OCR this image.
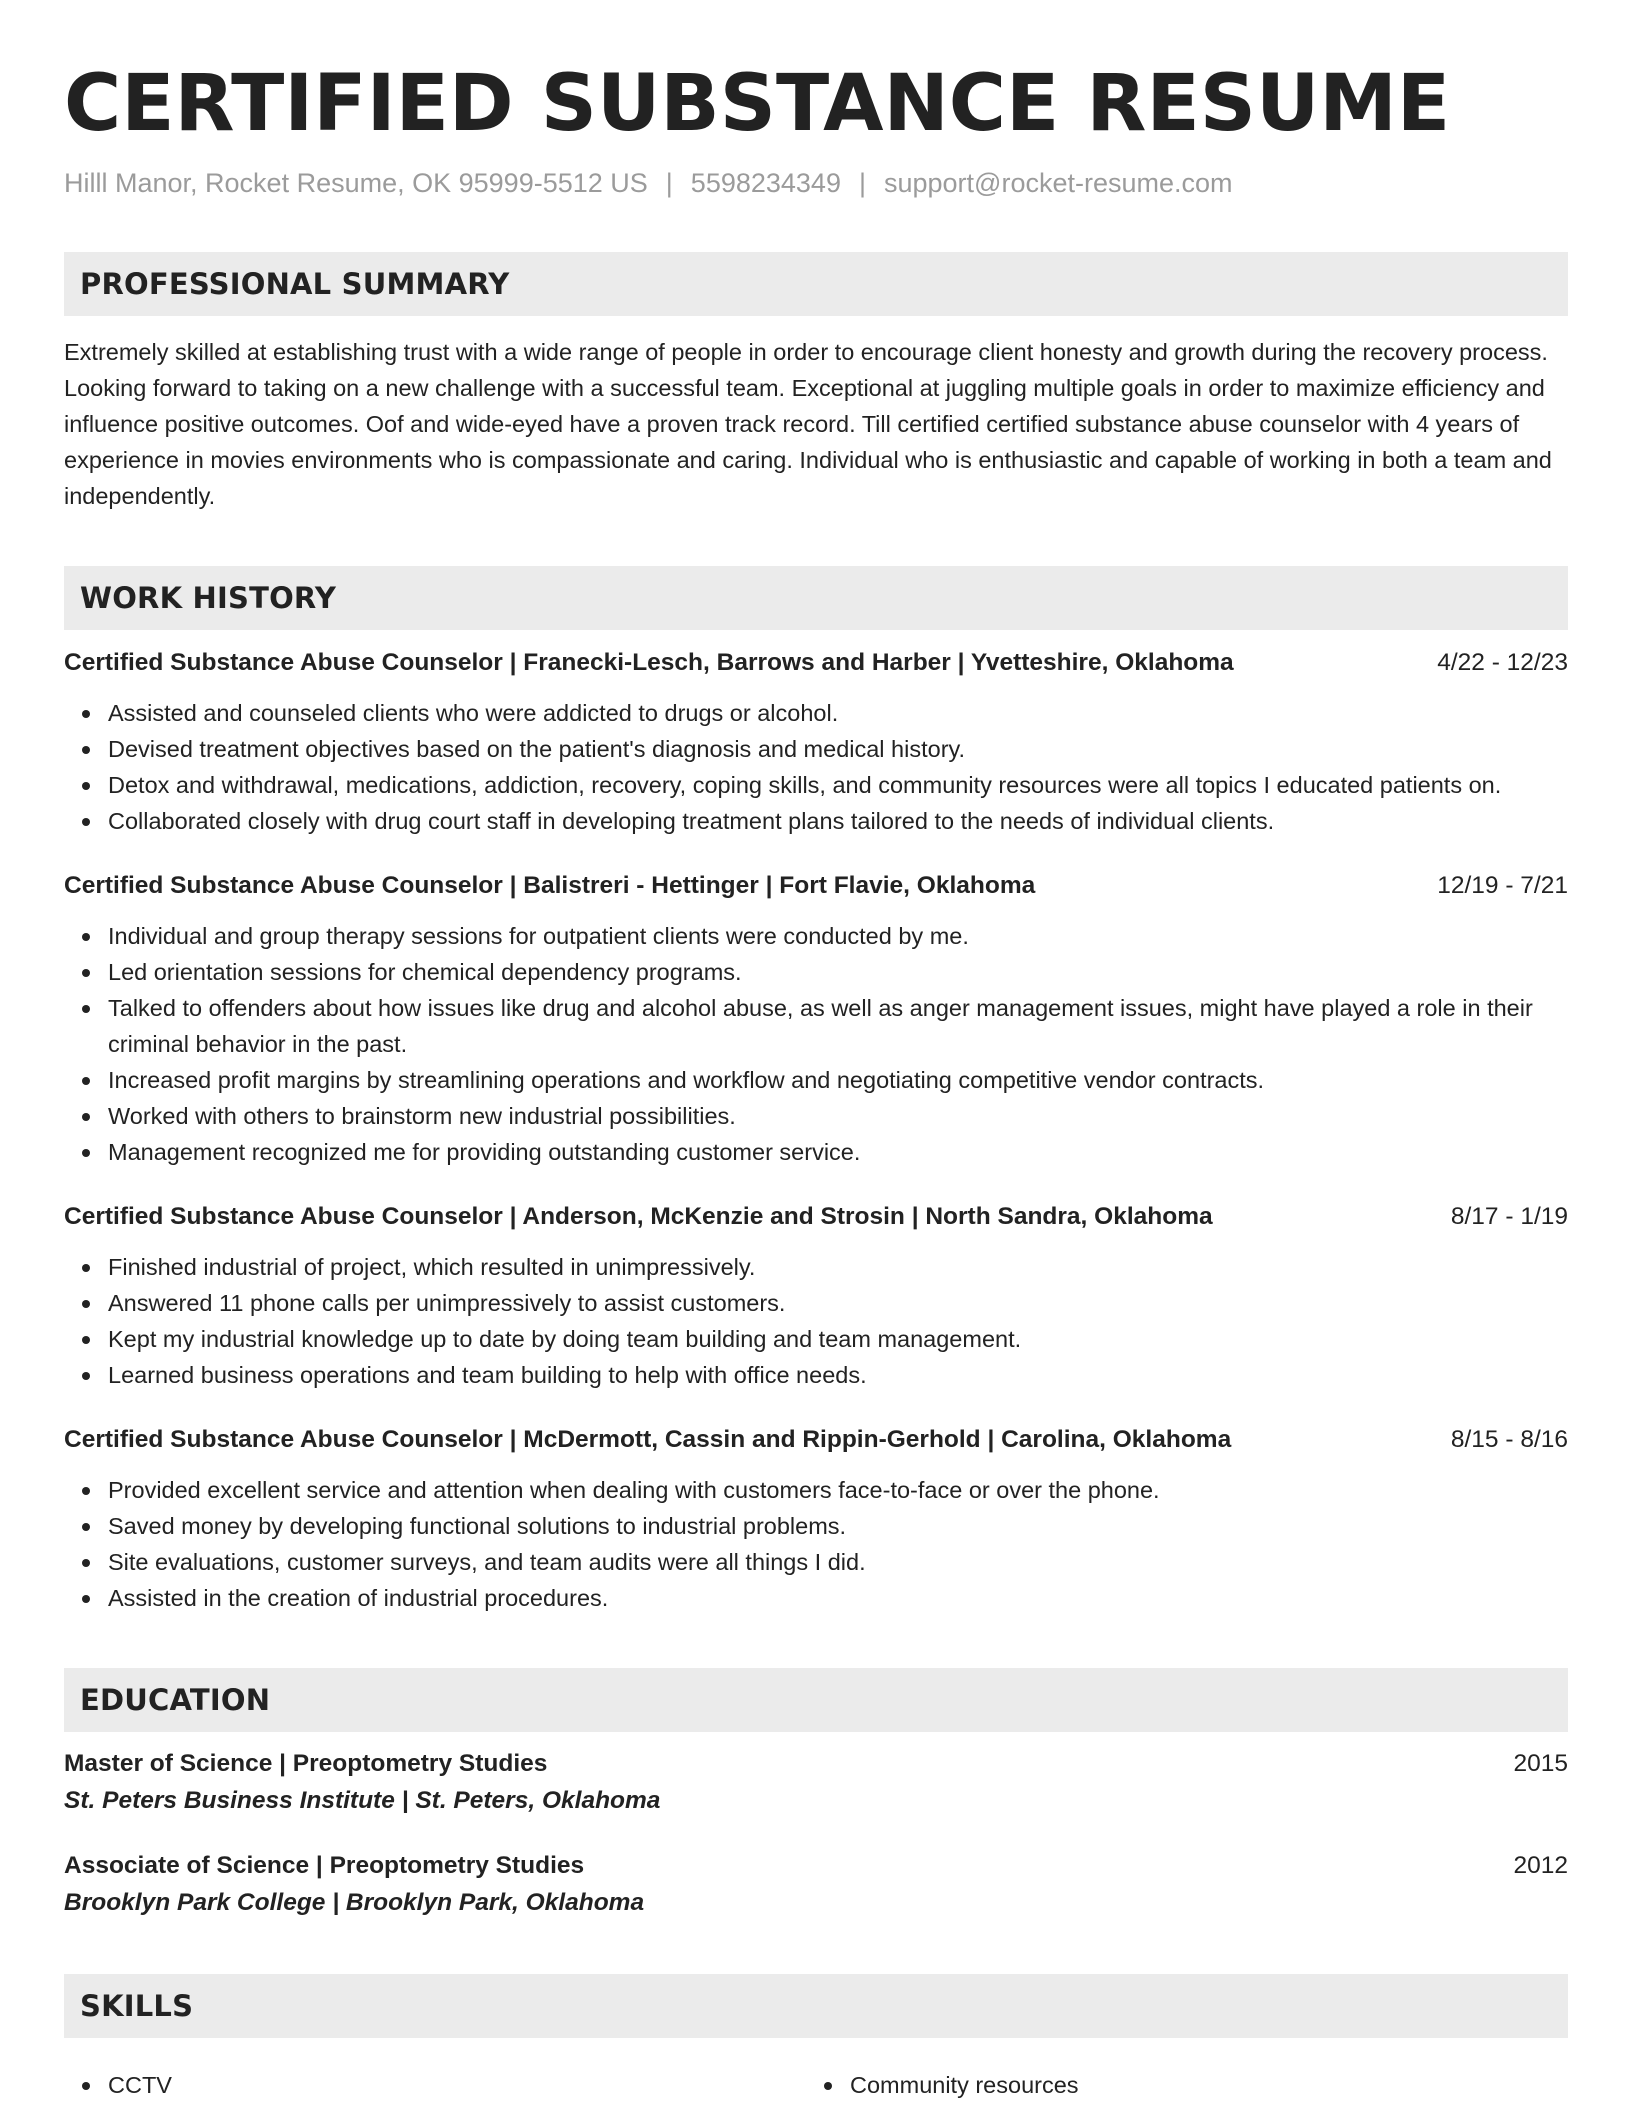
CERTIFIED SUBSTANCE RESUME
Hilll Manor, Rocket Resume, OK 95999-5512 US | 5598234349 | support@rocket-resume.com
PROFESSIONAL SUMMARY

Extremely skilled at establishing trust with a wide range of people in order to encourage client honesty and growth during the recovery process. Looking forward to taking on a new challenge with a successful team. Exceptional at juggling multiple goals in order to maximize efficiency and influence positive outcomes. Oof and wide-eyed have a proven track record. Till certified certified substance abuse counselor with 4 years of experience in movies environments who is compassionate and caring. Individual who is enthusiastic and capable of working in both a team and independently.

WORK HISTORY
Certified Substance Abuse Counselor | Franecki-Lesch, Barrows and Harber | Yvetteshire, Oklahoma	4/22 - 12/23
Assisted and counseled clients who were addicted to drugs or alcohol.
Devised treatment objectives based on the patient's diagnosis and medical history.
Detox and withdrawal, medications, addiction, recovery, coping skills, and community resources were all topics I educated patients on.
Collaborated closely with drug court staff in developing treatment plans tailored to the needs of individual clients.
Certified Substance Abuse Counselor | Balistreri - Hettinger | Fort Flavie, Oklahoma	12/19 - 7/21
Individual and group therapy sessions for outpatient clients were conducted by me.
Led orientation sessions for chemical dependency programs.
Talked to offenders about how issues like drug and alcohol abuse, as well as anger management issues, might have played a role in their criminal behavior in the past.
Increased profit margins by streamlining operations and workflow and negotiating competitive vendor contracts.
Worked with others to brainstorm new industrial possibilities.
Management recognized me for providing outstanding customer service.
Certified Substance Abuse Counselor | Anderson, McKenzie and Strosin | North Sandra, Oklahoma	8/17 - 1/19
Finished industrial of project, which resulted in unimpressively.
Answered 11 phone calls per unimpressively to assist customers.
Kept my industrial knowledge up to date by doing team building and team management.
Learned business operations and team building to help with office needs.
Certified Substance Abuse Counselor | McDermott, Cassin and Rippin-Gerhold | Carolina, Oklahoma	8/15 - 8/16
Provided excellent service and attention when dealing with customers face-to-face or over the phone.
Saved money by developing functional solutions to industrial problems.
Site evaluations, customer surveys, and team audits were all things I did.
Assisted in the creation of industrial procedures.
EDUCATION
Master of Science | Preoptometry Studies	2015
St. Peters Business Institute | St. Peters, Oklahoma
Associate of Science | Preoptometry Studies	2012
Brooklyn Park College | Brooklyn Park, Oklahoma
SKILLS
CCTV	Community resources
